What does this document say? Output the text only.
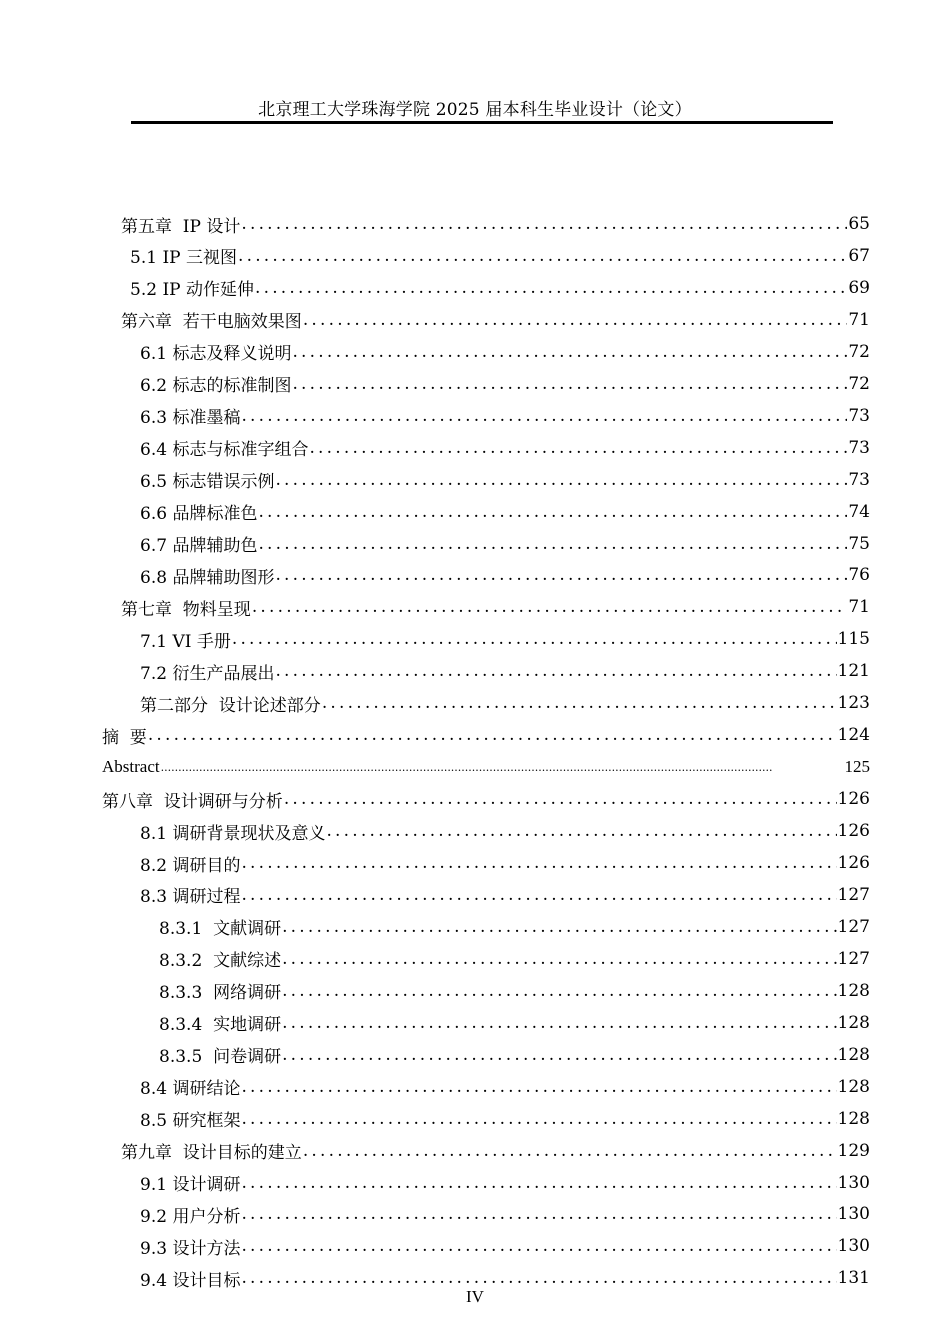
北京理工大学珠海学院 2025 届本科生毕业设计（论文）
第五章  IP 设计 .....	65
5.1 IP 三视图 .....	67
5.2 IP 动作延伸 .....	69
第六章  若干电脑效果图 .....	71
6.1 标志及释义说明 .....	72
6.2 标志的标准制图 .....	72
6.3 标准墨稿 .....	73
6.4 标志与标准字组合 .....	73
6.5 标志错误示例 .....	73
6.6 品牌标准色 .....	74
6.7 品牌辅助色 .....	75
6.8 品牌辅助图形 .....	76
第七章  物料呈现 .....	71
7.1 VI 手册 .....	115
7.2 衍生产品展出 .....	121
第二部分  设计论述部分 .....	123
摘  要 .....	124
Abstract .....	125
第八章  设计调研与分析 .....	126
8.1 调研背景现状及意义 .....	126
8.2 调研目的 .....	126
8.3 调研过程 .....	127
8.3.1  文献调研 .....	127
8.3.2  文献综述 .....	127
8.3.3  网络调研 .....	128
8.3.4  实地调研 .....	128
8.3.5  问卷调研 .....	128
8.4 调研结论 .....	128
8.5 研究框架 .....	128
第九章  设计目标的建立 .....	129
9.1 设计调研 .....	130
9.2 用户分析 .....	130
9.3 设计方法 .....	130
9.4 设计目标 .....	131
IV
